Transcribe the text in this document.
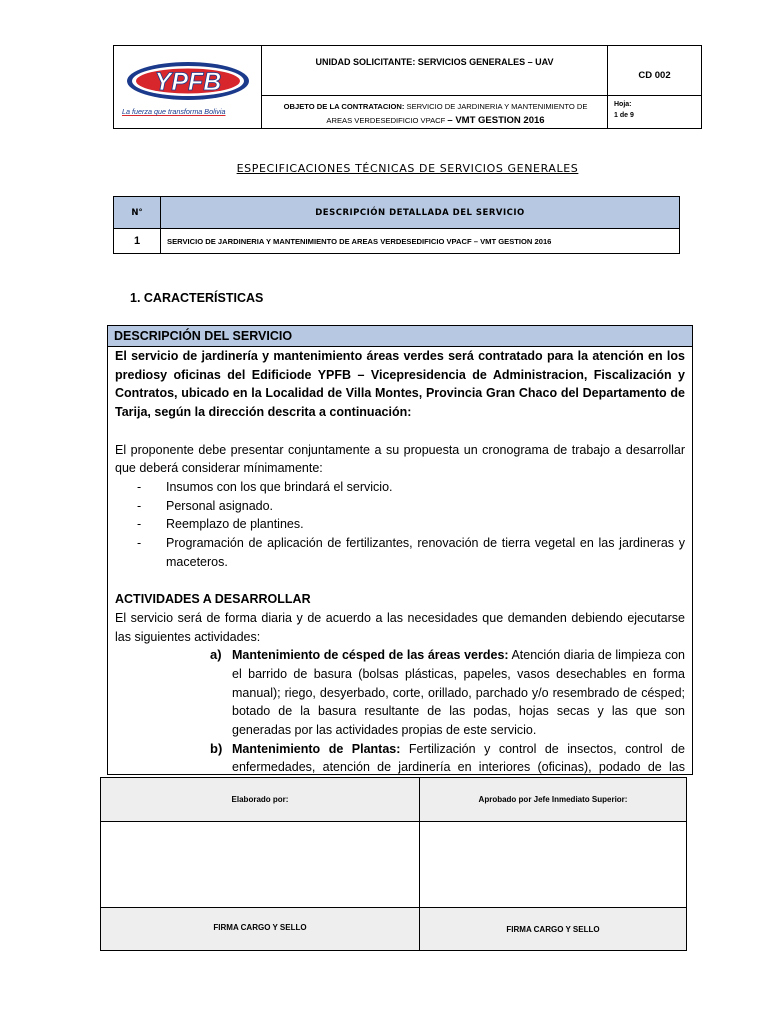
YPFB
La fuerza que transforma Bolivia
UNIDAD SOLICITANTE: SERVICIOS GENERALES – UAV
CD 002
OBJETO DE LA CONTRATACION: SERVICIO DE JARDINERIA Y MANTENIMIENTO DE AREAS VERDESEDIFICIO VPACF – VMT GESTION 2016
Hoja:
1 de 9
ESPECIFICACIONES TÉCNICAS DE SERVICIOS GENERALES
N°	DESCRIPCIÓN DETALLADA DEL SERVICIO
1	SERVICIO DE JARDINERIA Y MANTENIMIENTO DE AREAS VERDESEDIFICIO VPACF – VMT GESTION 2016
1. CARACTERÍSTICAS
DESCRIPCIÓN DEL SERVICIO

El servicio de jardinería y mantenimiento áreas verdes será contratado para la atención en los prediosy oficinas del Edificiode YPFB – Vicepresidencia de Administracion, Fiscalización y Contratos, ubicado en la Localidad de Villa Montes, Provincia Gran Chaco del Departamento de Tarija, según la dirección descrita a continuación:

El proponente debe presentar conjuntamente a su propuesta un cronograma de trabajo a desarrollar que deberá considerar mínimamente:

- Insumos con los que brindará el servicio.
- Personal asignado.
- Reemplazo de plantines.
- Programación de aplicación de fertilizantes, renovación de tierra vegetal en las jardineras y maceteros.

ACTIVIDADES A DESARROLLAR

El servicio será de forma diaria y de acuerdo a las necesidades que demanden debiendo ejecutarse las siguientes actividades:

a) Mantenimiento de césped de las áreas verdes: Atención diaria de limpieza con el barrido de basura (bolsas plásticas, papeles, vasos desechables en forma manual); riego, desyerbado, corte, orillado, parchado y/o resembrado de césped; botado de la basura resultante de las podas, hojas secas y las que son generadas por las actividades propias de este servicio.
b) Mantenimiento de Plantas: Fertilización y control de insectos, control de enfermedades, atención de jardinería en interiores (oficinas), podado de las
Elaborado por:	Aprobado por Jefe Inmediato Superior:
FIRMA CARGO Y SELLO	FIRMA CARGO Y SELLO
